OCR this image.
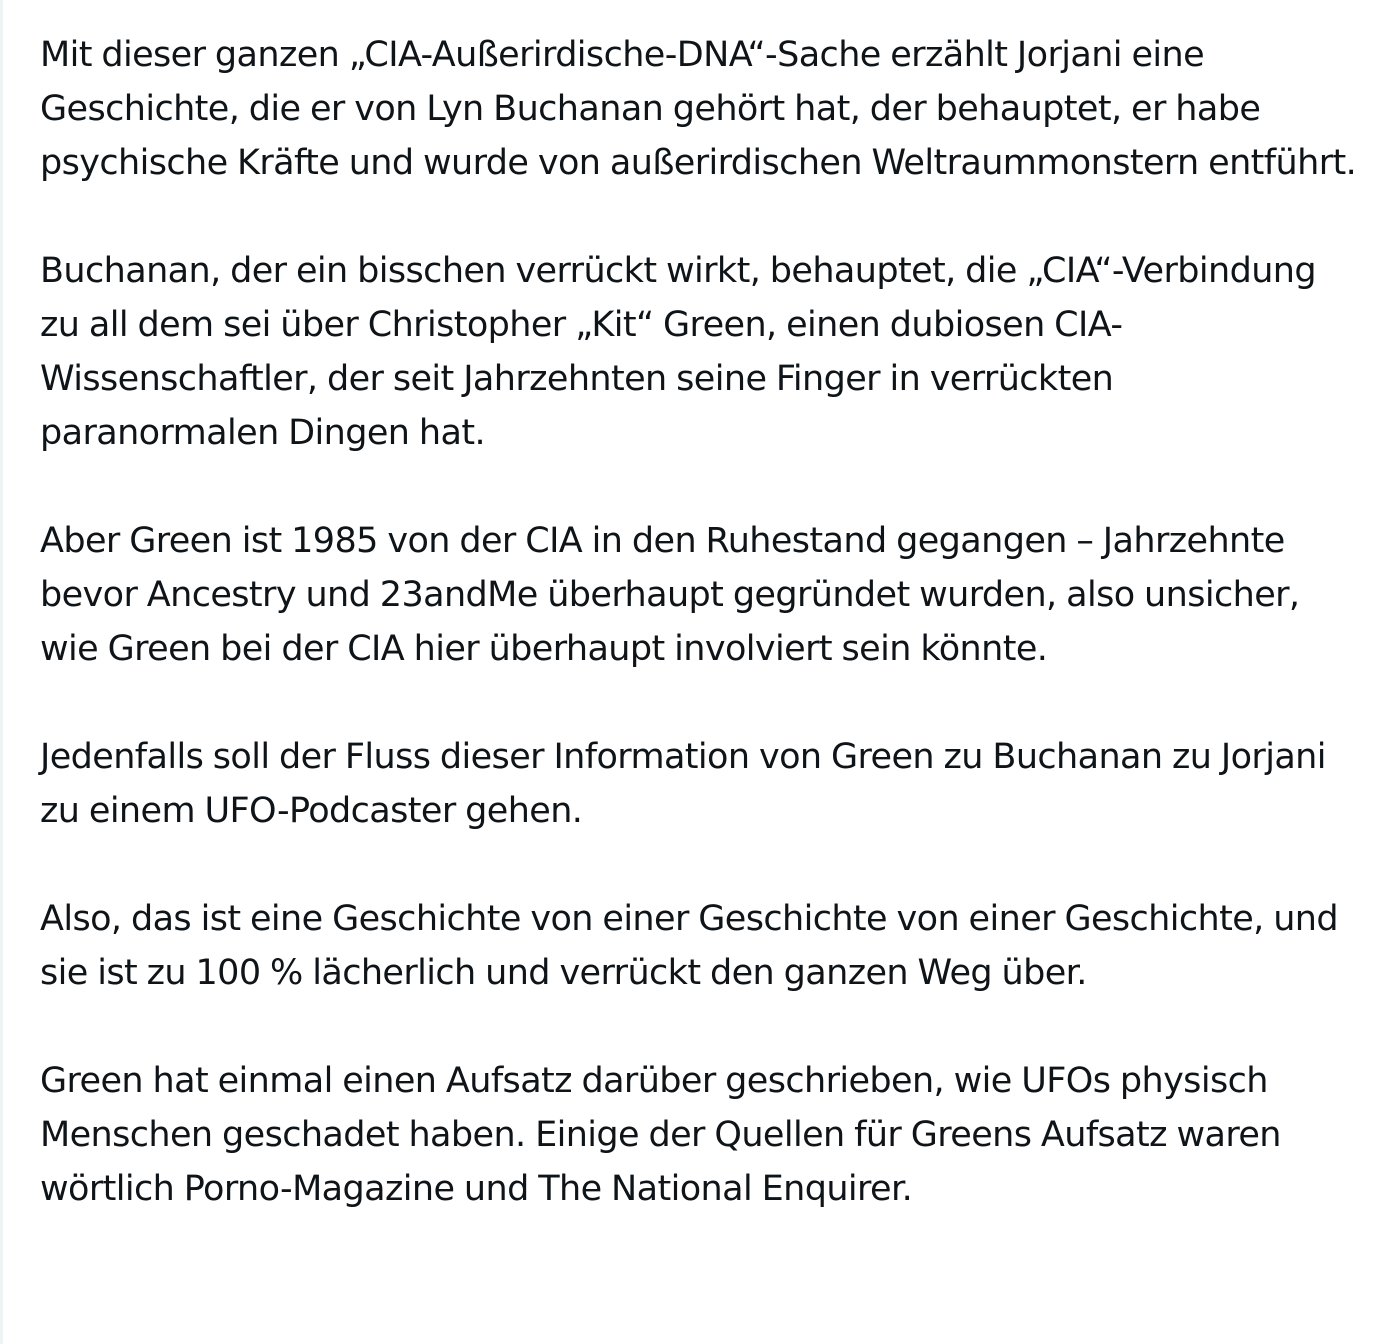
Mit dieser ganzen „CIA-Außerirdische-DNA“-Sache erzählt Jorjani eine Geschichte, die er von Lyn Buchanan gehört hat, der behauptet, er habe psychische Kräfte und wurde von außerirdischen Weltraummonstern entführt.

Buchanan, der ein bisschen verrückt wirkt, behauptet, die „CIA“-Verbindung zu all dem sei über Christopher „Kit“ Green, einen dubiosen CIA-Wissenschaftler, der seit Jahrzehnten seine Finger in verrückten paranormalen Dingen hat.

Aber Green ist 1985 von der CIA in den Ruhestand gegangen – Jahrzehnte bevor Ancestry und 23andMe überhaupt gegründet wurden, also unsicher, wie Green bei der CIA hier überhaupt involviert sein könnte.

Jedenfalls soll der Fluss dieser Information von Green zu Buchanan zu Jorjani zu einem UFO-Podcaster gehen.

Also, das ist eine Geschichte von einer Geschichte von einer Geschichte, und sie ist zu 100 % lächerlich und verrückt den ganzen Weg über.

Green hat einmal einen Aufsatz darüber geschrieben, wie UFOs physisch Menschen geschadet haben. Einige der Quellen für Greens Aufsatz waren wörtlich Porno-Magazine und The National Enquirer.
